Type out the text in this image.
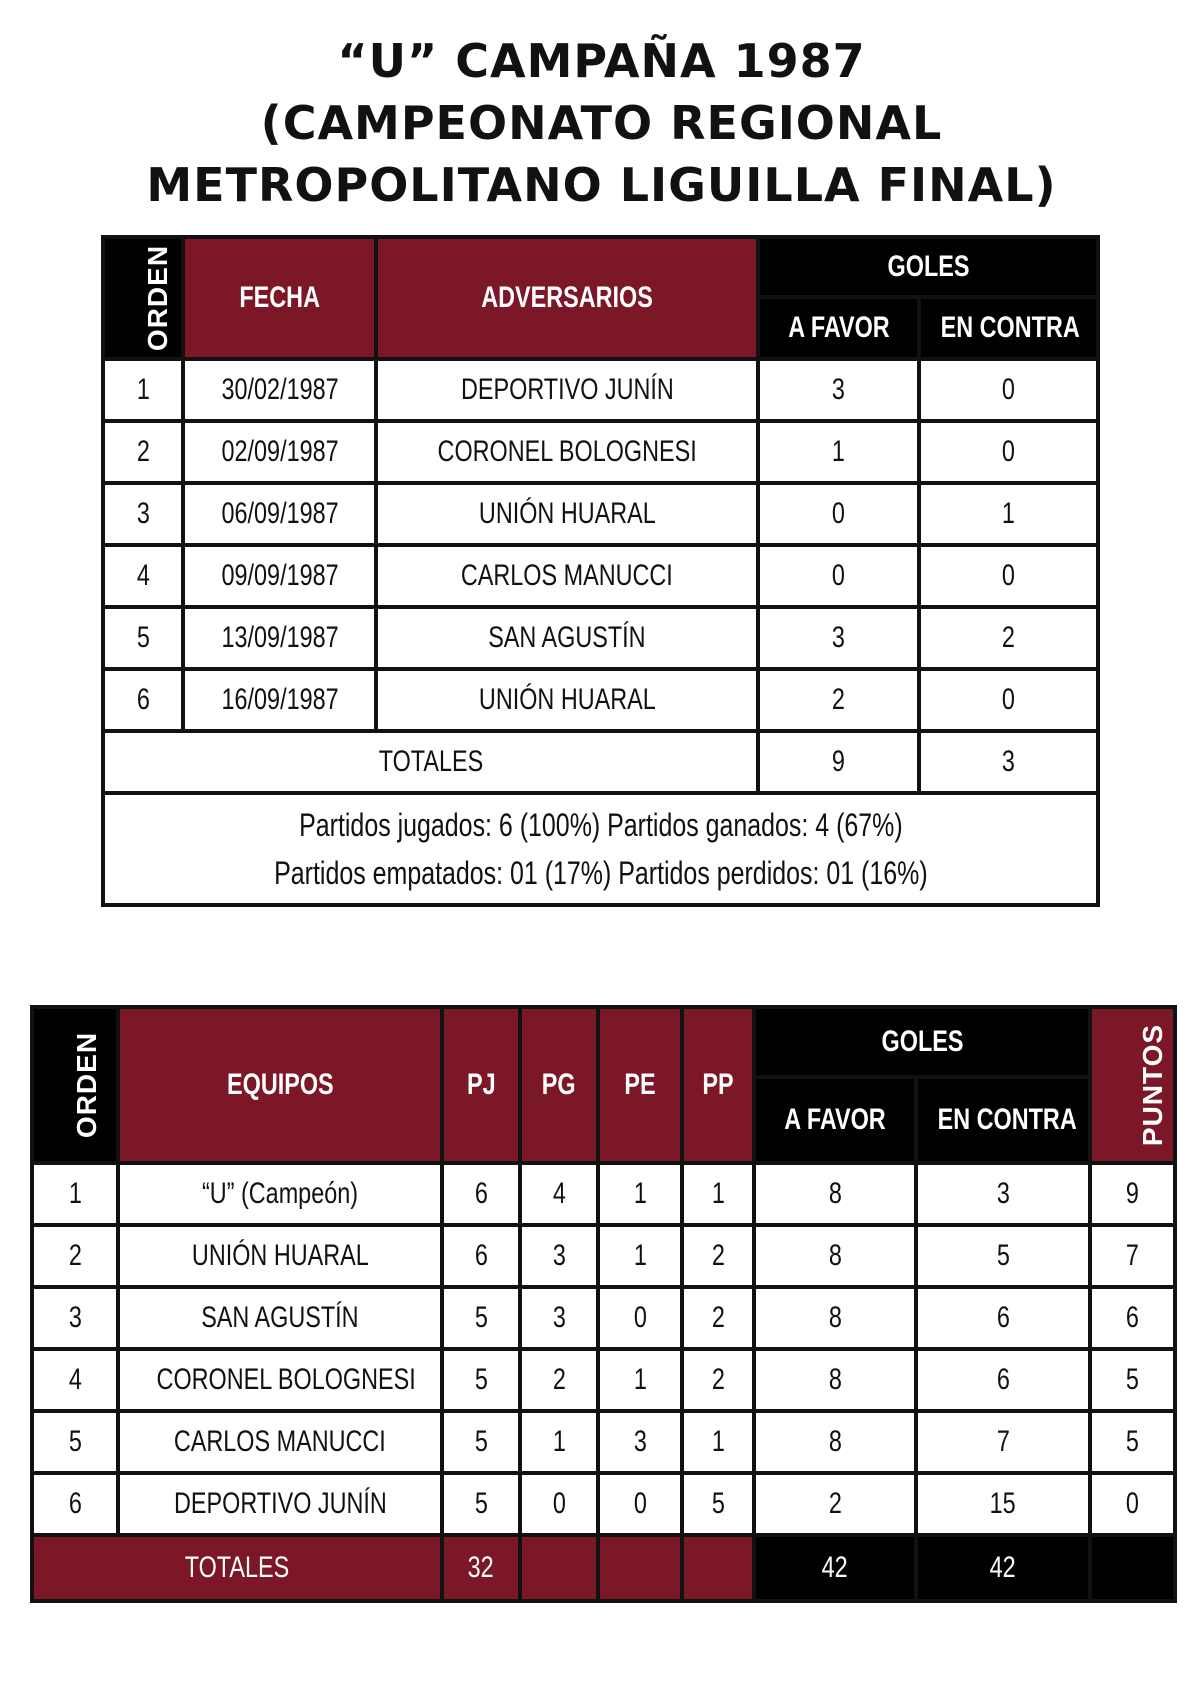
“U” CAMPAÑA 1987
(CAMPEONATO REGIONAL
METROPOLITANO LIGUILLA FINAL)
ORDEN	FECHA	ADVERSARIOS	GOLES	
			A FAVOR	EN CONTRA
1	30/02/1987	DEPORTIVO JUNÍN	3	0
2	02/09/1987	CORONEL BOLOGNESI	1	0
3	06/09/1987	UNIÓN HUARAL	0	1
4	09/09/1987	CARLOS MANUCCI	0	0
5	13/09/1987	SAN AGUSTÍN	3	2
6	16/09/1987	UNIÓN HUARAL	2	0
TOTALES			9	3

Partidos jugados: 6 (100%) Partidos ganados: 4 (67%)
Partidos empatados: 01 (17%) Partidos perdidos: 01 (16%)				
ORDEN	EQUIPOS	PJ	PG	PE	PP	GOLES		PUNTOS
						A FAVOR	EN CONTRA	
1	“U” (Campeón)	6	4	1	1	8	3	9
2	UNIÓN HUARAL	6	3	1	2	8	5	7
3	SAN AGUSTÍN	5	3	0	2	8	6	6
4	CORONEL BOLOGNESI	5	2	1	2	8	6	5
5	CARLOS MANUCCI	5	1	3	1	8	7	5
6	DEPORTIVO JUNÍN	5	0	0	5	2	15	0
TOTALES		32				42	42	
